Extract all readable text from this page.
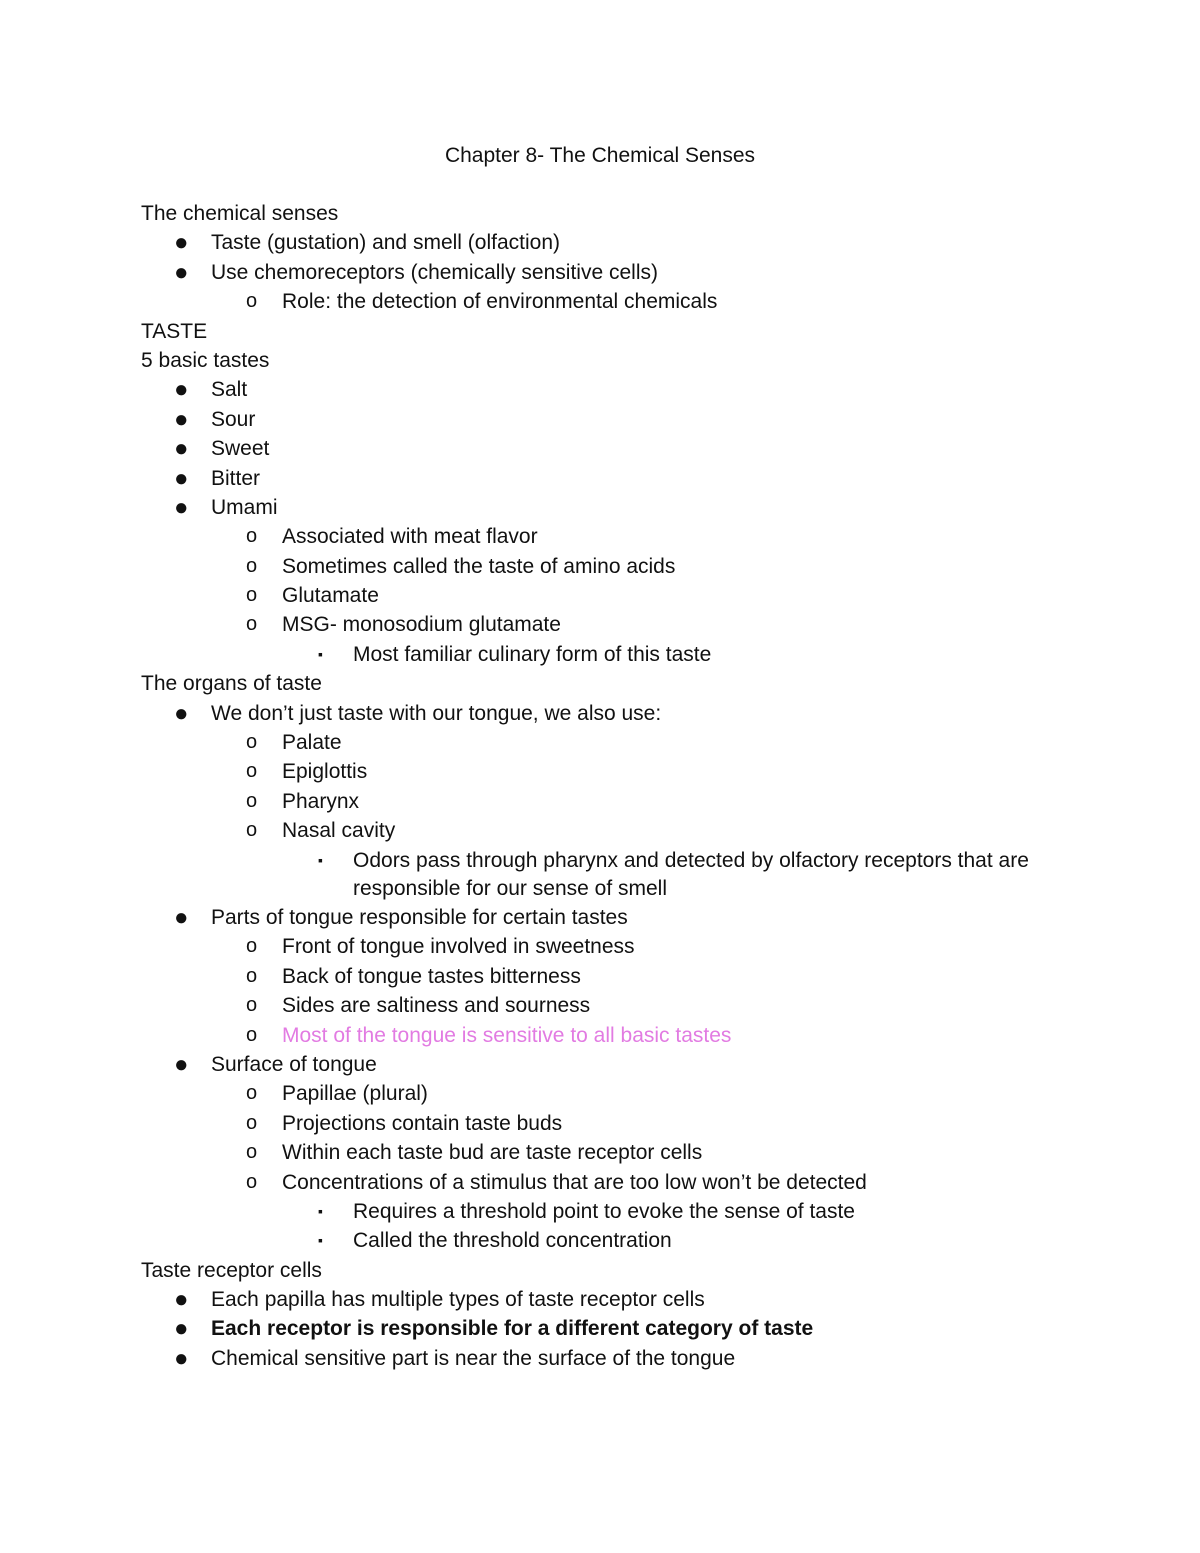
Chapter 8- The Chemical Senses
The chemical senses
● Taste (gustation) and smell (olfaction)
● Use chemoreceptors (chemically sensitive cells)
o Role: the detection of environmental chemicals
TASTE
5 basic tastes
● Salt
● Sour
● Sweet
● Bitter
● Umami
o Associated with meat flavor
o Sometimes called the taste of amino acids
o Glutamate
o MSG- monosodium glutamate
▪ Most familiar culinary form of this taste
The organs of taste
● We don’t just taste with our tongue, we also use:
o Palate
o Epiglottis
o Pharynx
o Nasal cavity
▪ Odors pass through pharynx and detected by olfactory receptors that are
responsible for our sense of smell
● Parts of tongue responsible for certain tastes
o Front of tongue involved in sweetness
o Back of tongue tastes bitterness
o Sides are saltiness and sourness
o Most of the tongue is sensitive to all basic tastes
● Surface of tongue
o Papillae (plural)
o Projections contain taste buds
o Within each taste bud are taste receptor cells
o Concentrations of a stimulus that are too low won’t be detected
▪ Requires a threshold point to evoke the sense of taste
▪ Called the threshold concentration
Taste receptor cells
● Each papilla has multiple types of taste receptor cells
● Each receptor is responsible for a different category of taste
● Chemical sensitive part is near the surface of the tongue
